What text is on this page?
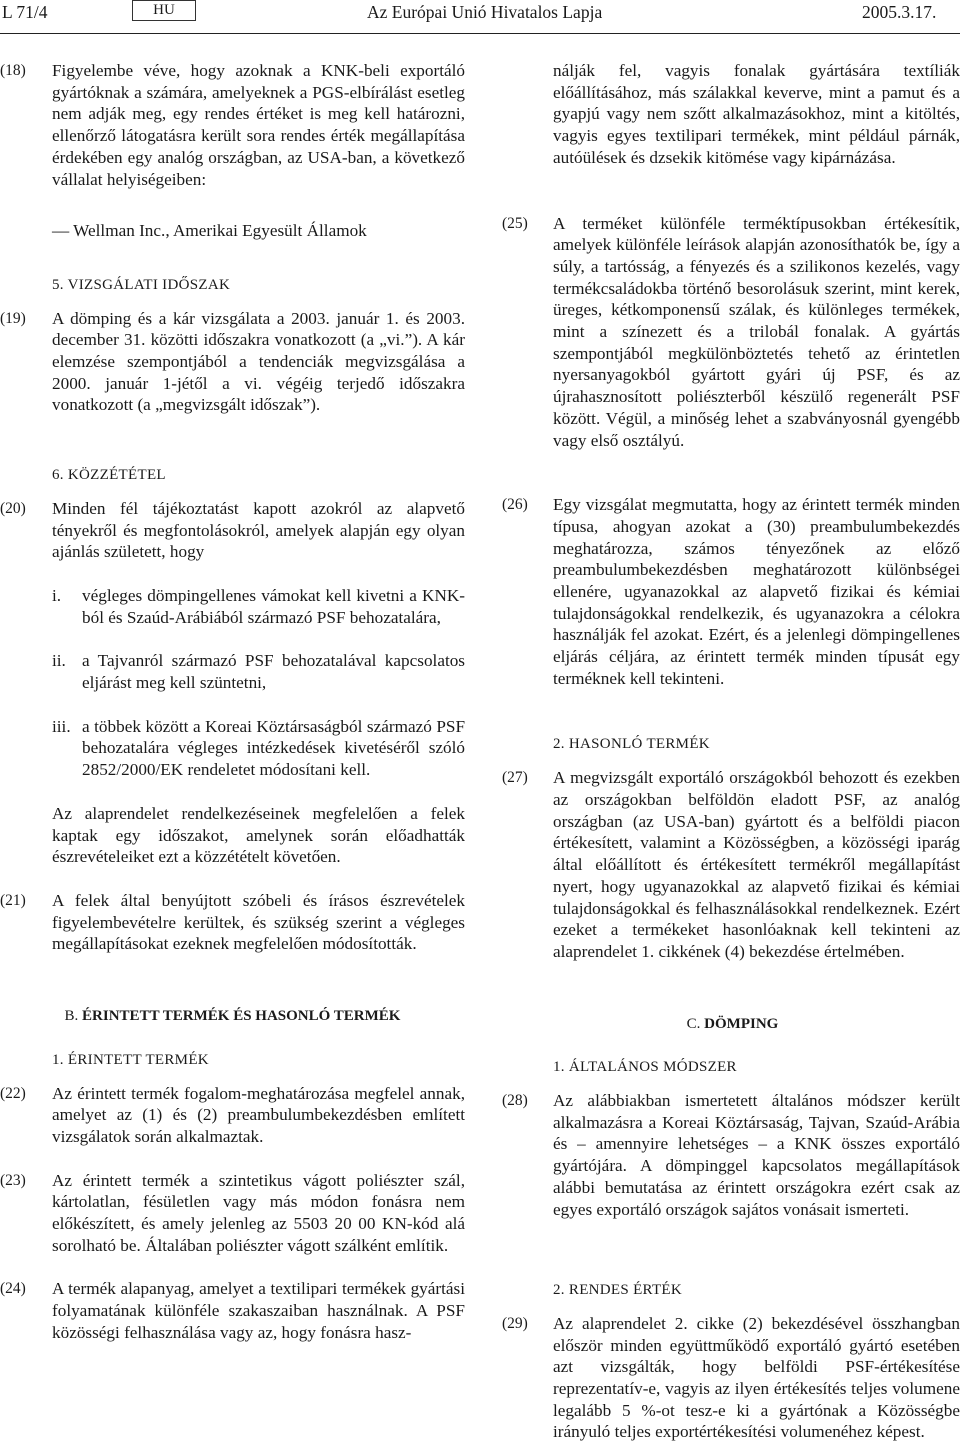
L 71/4	HU	Az Európai Unió Hivatalos Lapja	2005.3.17.
(18) Figyelembe véve, hogy azoknak a KNK-beli exportáló gyártóknak a számára, amelyeknek a PGS-elbírálást esetleg nem adják meg, egy rendes értéket is meg kell határozni, ellenőrző látogatásra került sora rendes érték megállapítása érdekében egy analóg országban, az USA-ban, a következő vállalat helyiségeiben:
— Wellman Inc., Amerikai Egyesült Államok
5. VIZSGÁLATI IDŐSZAK
(19) A dömping és a kár vizsgálata a 2003. január 1. és 2003. december 31. közötti időszakra vonatkozott (a „vi.”). A kár elemzése szempontjából a tendenciák megvizsgálása a 2000. január 1-jétől a vi. végéig terjedő időszakra vonatkozott (a „megvizsgált időszak”).
6. KÖZZÉTÉTEL
(20) Minden fél tájékoztatást kapott azokról az alapvető tényekről és megfontolásokról, amelyek alapján egy olyan ajánlás született, hogy
i.	végleges dömpingellenes vámokat kell kivetni a KNK-ból és Szaúd-Arábiából származó PSF behozatalára,
ii. a Tajvanról származó PSF behozatalával kapcsolatos eljárást meg kell szüntetni,
iii. a többek között a Koreai Köztársaságból származó PSF behozatalára végleges intézkedések kivetéséről szóló 2852/2000/EK rendeletet módosítani kell.
Az alaprendelet rendelkezéseinek megfelelően a felek kaptak egy időszakot, amelynek során előadhatták észrevételeiket ezt a közzétételt követően.
(21) A felek által benyújtott szóbeli és írásos észrevételek figyelembevételre kerültek, és szükség szerint a végleges megállapításokat ezeknek megfelelően módosították.
B. ÉRINTETT TERMÉK ÉS HASONLÓ TERMÉK
1. ÉRINTETT TERMÉK
(22) Az érintett termék fogalom-meghatározása megfelel annak, amelyet az (1) és (2) preambulumbekezdésben említett vizsgálatok során alkalmaztak.
(23) Az érintett termék a szintetikus vágott poliészter szál, kártolatlan, fésületlen vagy más módon fonásra nem előkészített, és amely jelenleg az 5503 20 00 KN-kód alá sorolható be. Általában poliészter vágott szálként említik.
(24) A termék alapanyag, amelyet a textilipari termékek gyártási folyamatának különféle szakaszaiban használnak. A PSF közösségi felhasználása vagy az, hogy fonásra hasz-
nálják fel, vagyis fonalak gyártására textíliák előállításához, más szálakkal keverve, mint a pamut és a gyapjú vagy nem szőtt alkalmazásokhoz, mint a kitöltés, vagyis egyes textilipari termékek, mint például párnák, autóülések és dzsekik kitömése vagy kipárnázása.
(25) A terméket különféle terméktípusokban értékesítik, amelyek különféle leírások alapján azonosíthatók be, így a súly, a tartósság, a fényezés és a szilikonos kezelés, vagy termékcsaládokba történő besorolásuk szerint, mint kerek, üreges, kétkomponensű szálak, és különleges termékek, mint a színezett és a trilobál fonalak. A gyártás szempontjából megkülönböztetés tehető az érintetlen nyersanyagokból gyártott gyári új PSF, és az újrahasznosított poliészterből készülő regenerált PSF között. Végül, a minőség lehet a szabványosnál gyengébb vagy első osztályú.
(26) Egy vizsgálat megmutatta, hogy az érintett termék minden típusa, ahogyan azokat a (30) preambulumbekezdés meghatározza, számos tényezőnek az előző preambulumbekezdésben meghatározott különbségei ellenére, ugyanazokkal az alapvető fizikai és kémiai tulajdonságokkal rendelkezik, és ugyanazokra a célokra használják fel azokat. Ezért, és a jelenlegi dömpingellenes eljárás céljára, az érintett termék minden típusát egy terméknek kell tekinteni.
2. HASONLÓ TERMÉK
(27) A megvizsgált exportáló országokból behozott és ezekben az országokban belföldön eladott PSF, az analóg országban (az USA-ban) gyártott és a belföldi piacon értékesített, valamint a Közösségben, a közösségi iparág által előállított és értékesített termékről megállapítást nyert, hogy ugyanazokkal az alapvető fizikai és kémiai tulajdonságokkal és felhasználásokkal rendelkeznek. Ezért ezeket a termékeket hasonlóaknak kell tekinteni az alaprendelet 1. cikkének (4) bekezdése értelmében.
C. DÖMPING
1. ÁLTALÁNOS MÓDSZER
(28) Az alábbiakban ismertetett általános módszer került alkalmazásra a Koreai Köztársaság, Tajvan, Szaúd-Arábia és – amennyire lehetséges – a KNK összes exportáló gyártójára. A dömpinggel kapcsolatos megállapítások alábbi bemutatása az érintett országokra ezért csak az egyes exportáló országok sajátos vonásait ismerteti.
2. RENDES ÉRTÉK
(29) Az alaprendelet 2. cikke (2) bekezdésével összhangban először minden együttműködő exportáló gyártó esetében azt vizsgálták, hogy belföldi PSF-értékesítése reprezentatív-e, vagyis az ilyen értékesítés teljes volumene legalább 5 %-ot tesz-e ki a gyártónak a Közösségbe irányuló teljes exportértékesítési volumenéhez képest.
